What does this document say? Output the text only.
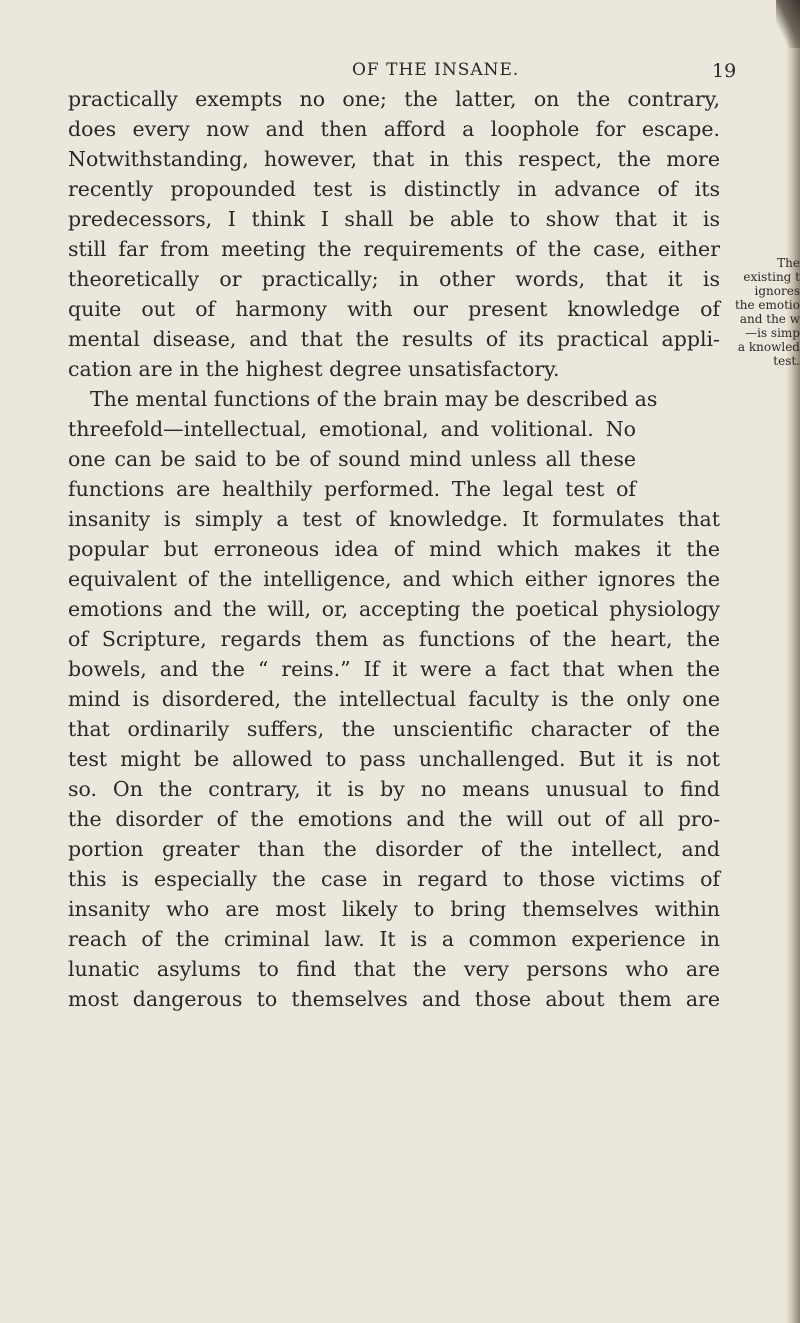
OF THE INSANE.	19
practically exempts no one; the latter, on the contrary,
does every now and then afford a loophole for escape.
Notwithstanding, however, that in this respect, the more
recently propounded test is distinctly in advance of its
predecessors, I think I shall be able to show that it is
still far from meeting the requirements of the case, either
theoretically or practically; in other words, that it is
quite out of harmony with our present knowledge of
mental disease, and that the results of its practical appli-
cation are in the highest degree unsatisfactory.
The mental functions of the brain may be described as
threefold—intellectual, emotional, and volitional. No
one can be said to be of sound mind unless all these
functions are healthily performed. The legal test of
insanity is simply a test of knowledge. It formulates that
popular but erroneous idea of mind which makes it the
equivalent of the intelligence, and which either ignores the
emotions and the will, or, accepting the poetical physiology
of Scripture, regards them as functions of the heart, the
bowels, and the “ reins.” If it were a fact that when the
mind is disordered, the intellectual faculty is the only one
that ordinarily suffers, the unscientific character of the
test might be allowed to pass unchallenged. But it is not
so. On the contrary, it is by no means unusual to find
the disorder of the emotions and the will out of all pro-
portion greater than the disorder of the intellect, and
this is especially the case in regard to those victims of
insanity who are most likely to bring themselves within
reach of the criminal law. It is a common experience in
lunatic asylums to find that the very persons who are
most dangerous to themselves and those about them are
The
existing t
ignores
the emotio
and the w
—is simp
a knowled
test.
